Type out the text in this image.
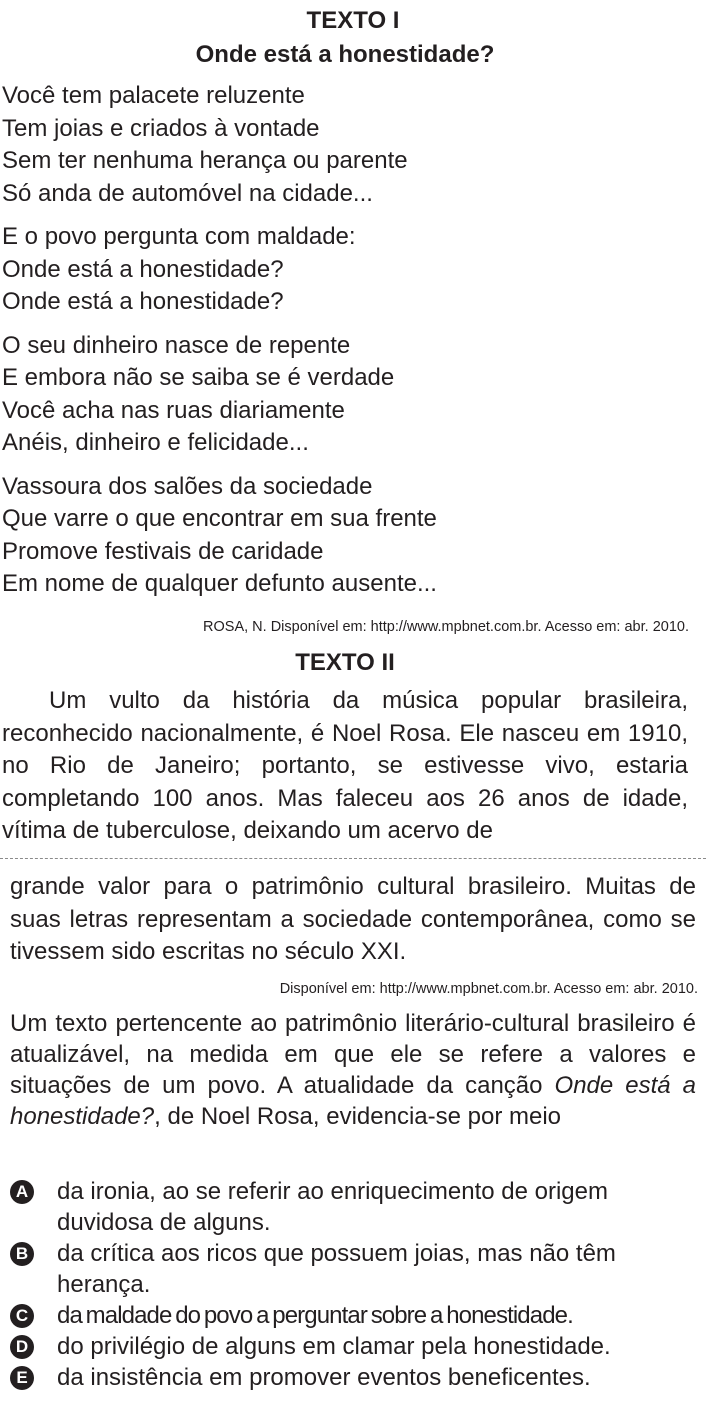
TEXTO I
Onde está a honestidade?
Você tem palacete reluzente
Tem joias e criados à vontade
Sem ter nenhuma herança ou parente
Só anda de automóvel na cidade...
E o povo pergunta com maldade:
Onde está a honestidade?
Onde está a honestidade?
O seu dinheiro nasce de repente
E embora não se saiba se é verdade
Você acha nas ruas diariamente
Anéis, dinheiro e felicidade...
Vassoura dos salões da sociedade
Que varre o que encontrar em sua frente
Promove festivais de caridade
Em nome de qualquer defunto ausente...
ROSA, N. Disponível em: http://www.mpbnet.com.br. Acesso em: abr. 2010.
TEXTO II
Um vulto da história da música popular brasileira, reconhecido nacionalmente, é Noel Rosa. Ele nasceu em 1910, no Rio de Janeiro; portanto, se estivesse vivo, estaria completando 100 anos. Mas faleceu aos 26 anos de idade, vítima de tuberculose, deixando um acervo de
grande valor para o patrimônio cultural brasileiro. Muitas de suas letras representam a sociedade contemporânea, como se tivessem sido escritas no século XXI.
Disponível em: http://www.mpbnet.com.br. Acesso em: abr. 2010.
Um texto pertencente ao patrimônio literário-cultural brasileiro é atualizável, na medida em que ele se refere a valores e situações de um povo. A atualidade da canção Onde está a honestidade?, de Noel Rosa, evidencia-se por meio
A da ironia, ao se referir ao enriquecimento de origem duvidosa de alguns.
B da crítica aos ricos que possuem joias, mas não têm herança.
C da maldade do povo a perguntar sobre a honestidade.
D do privilégio de alguns em clamar pela honestidade.
E da insistência em promover eventos beneficentes.
